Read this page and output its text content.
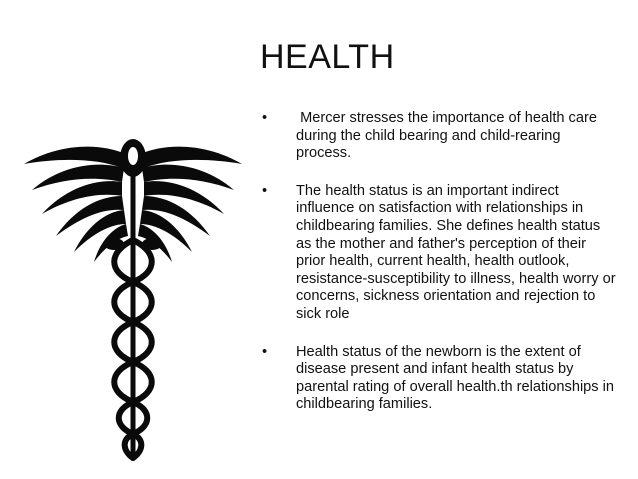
HEALTH
• Mercer stresses the importance of health care during the child bearing and child-rearing process.
• The health status is an important indirect influence on satisfaction with relationships in childbearing families. She defines health status as the mother and father's perception of their prior health, current health, health outlook, resistance-susceptibility to illness, health worry or concerns, sickness orientation and rejection to sick role
• Health status of the newborn is the extent of disease present and infant health status by parental rating of overall health.th relationships in childbearing families.
